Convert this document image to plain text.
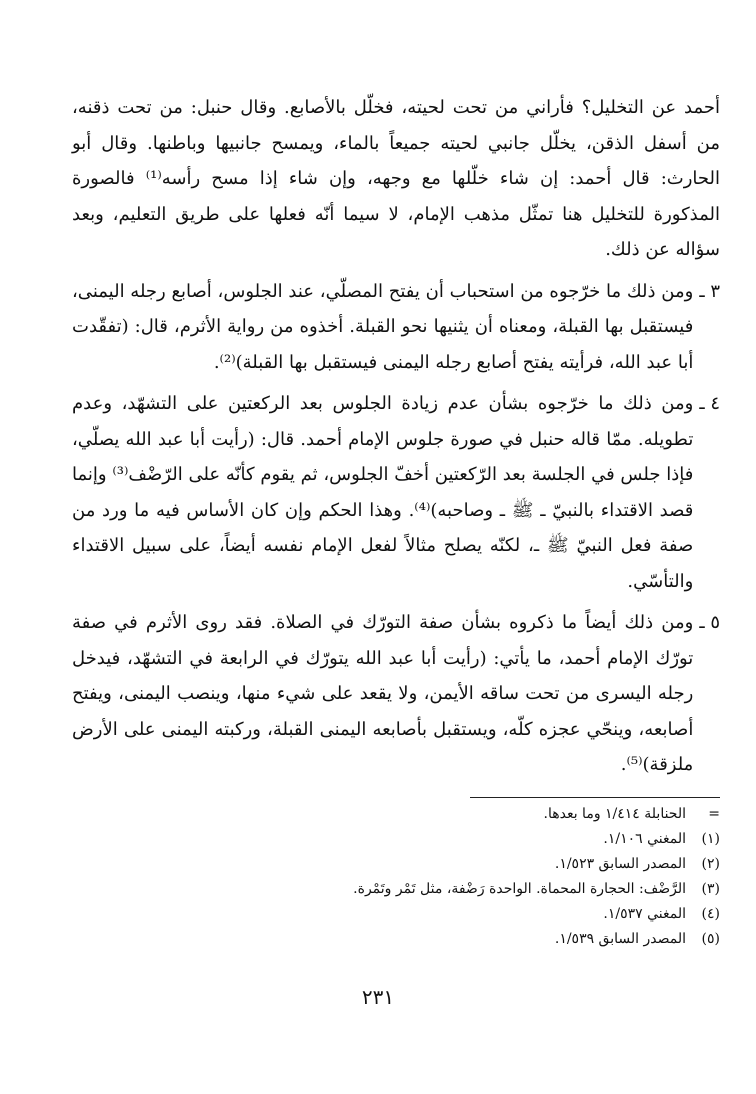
أحمد عن التخليل؟ فأراني من تحت لحيته، فخلّل بالأصابع. وقال حنبل: من تحت ذقنه، من أسفل الذقن، يخلّل جانبي لحيته جميعاً بالماء، ويمسح جانبيها وباطنها. وقال أبو الحارث: قال أحمد: إن شاء خلّلها مع وجهه، وإن شاء إذا مسح رأسه⁽¹⁾ فالصورة المذكورة للتخليل هنا تمثّل مذهب الإمام، لا سيما أنّه فعلها على طريق التعليم، وبعد سؤاله عن ذلك.
٣ ـ
ومن ذلك ما خرّجوه من استحباب أن يفتح المصلّي، عند الجلوس، أصابع رجله اليمنى، فيستقبل بها القبلة، ومعناه أن يثنيها نحو القبلة. أخذوه من رواية الأثرم، قال: (تفقّدت أبا عبد الله، فرأيته يفتح أصابع رجله اليمنى فيستقبل بها القبلة)⁽²⁾.
٤ ـ
ومن ذلك ما خرّجوه بشأن عدم زيادة الجلوس بعد الركعتين على التشهّد، وعدم تطويله. ممّا قاله حنبل في صورة جلوس الإمام أحمد. قال: (رأيت أبا عبد الله يصلّي، فإذا جلس في الجلسة بعد الرّكعتين أخفّ الجلوس، ثم يقوم كأنّه على الرّضْف⁽³⁾ وإنما قصد الاقتداء بالنبيّ ـ ﷺ ـ وصاحبه)⁽⁴⁾. وهذا الحكم وإن كان الأساس فيه ما ورد من صفة فعل النبيّ ﷺ ـ، لكنّه يصلح مثالاً لفعل الإمام نفسه أيضاً، على سبيل الاقتداء والتأسّي.
٥ ـ
ومن ذلك أيضاً ما ذكروه بشأن صفة التورّك في الصلاة. فقد روى الأثرم في صفة تورّك الإمام أحمد، ما يأتي: (رأيت أبا عبد الله يتورّك في الرابعة في التشهّد، فيدخل رجله اليسرى من تحت ساقه الأيمن، ولا يقعد على شيء منها، وينصب اليمنى، ويفتح أصابعه، وينحّي عجزه كلّه، ويستقبل بأصابعه اليمنى القبلة، وركبته اليمنى على الأرض ملزقة)⁽⁵⁾.
=
الحنابلة ١/٤١٤ وما بعدها.
(١)
المغني ١/١٠٦.
(٢)
المصدر السابق ١/٥٢٣.
(٣)
الرَّضْف: الحجارة المحماة. الواحدة رَضْفة، مثل تَمْر وتَمْرة.
(٤)
المغني ١/٥٣٧.
(٥)
المصدر السابق ١/٥٣٩.
٢٣١
